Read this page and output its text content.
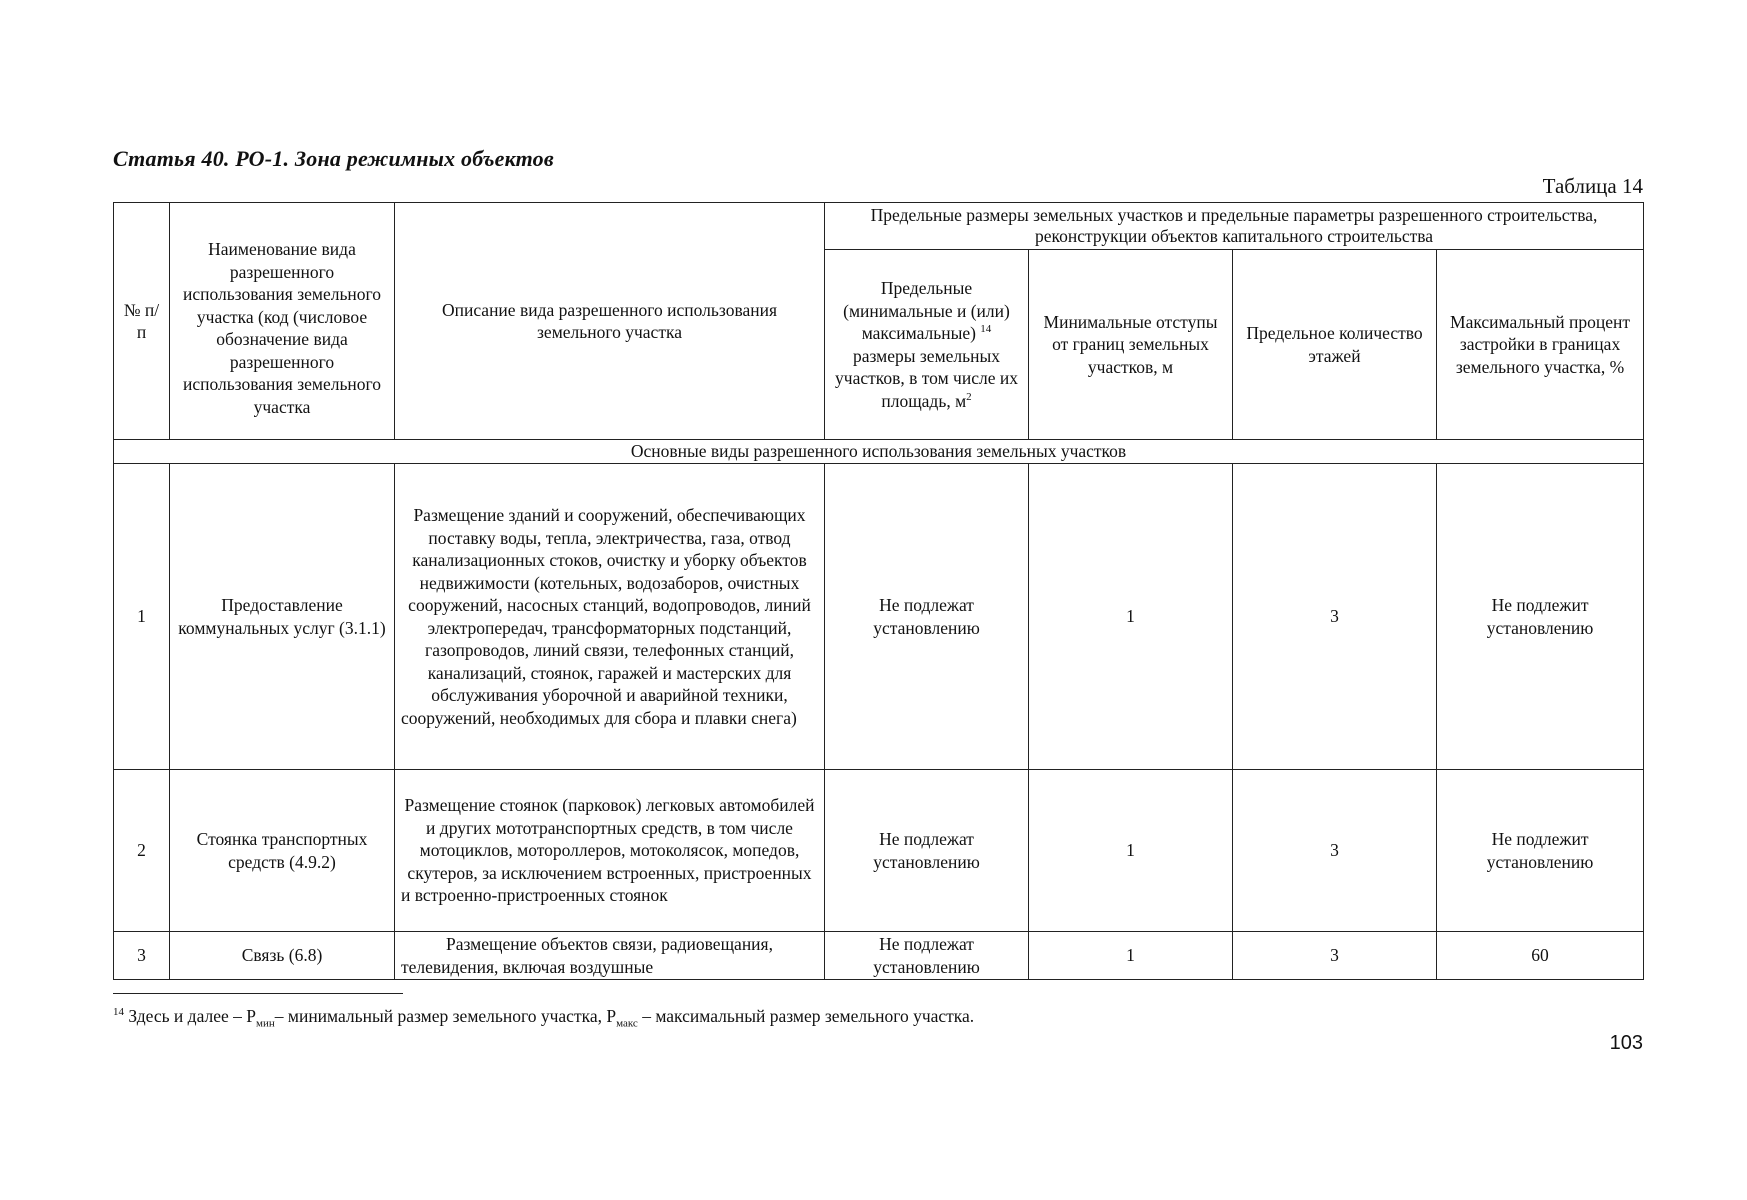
Статья 40. РО-1. Зона режимных объектов
Таблица 14
№ п/п	Наименование вида разрешенного использования земельного участка (код (числовое обозначение вида разрешенного использования земельного участка	Описание вида разрешенного использования земельного участка	Предельные размеры земельных участков и предельные параметры разрешенного строительства, реконструкции объектов капитального строительства			
			Предельные (минимальные и (или) максимальные) $^{14}$ размеры земельных участков, в том числе их площадь, $м^2$	Минимальные отступы от границ земельных участков, м	Предельное количество этажей	Максимальный процент застройки в границах земельного участка, %
Основные виды разрешенного использования земельных участков						
1	Предоставление коммунальных услуг (3.1.1)	Размещение зданий и сооружений, обеспечивающих поставку воды, тепла, электричества, газа, отвод канализационных стоков, очистку и уборку объектов недвижимости (котельных, водозаборов, очистных сооружений, насосных станций, водопроводов, линий электропередач, трансформаторных подстанций, газопроводов, линий связи, телефонных станций, канализаций, стоянок, гаражей и мастерских для обслуживания уборочной и аварийной техники, сооружений, необходимых для сбора и плавки снега)	Не подлежат установлению	1	3	Не подлежит установлению
2	Стоянка транспортных средств (4.9.2)	Размещение стоянок (парковок) легковых автомобилей и других мототранспортных средств, в том числе мотоциклов, мотороллеров, мотоколясок, мопедов, скутеров, за исключением встроенных, пристроенных и встроенно-пристроенных стоянок	Не подлежат установлению	1	3	Не подлежит установлению
3	Связь (6.8)	Размещение объектов связи, радиовещания, телевидения, включая воздушные	Не подлежат установлению	1	3	60
$^{14}$ Здесь и далее – $Р_{мин}-$ минимальный размер земельного участка, $Р_{макс}$ – максимальный размер земельного участка.
103
